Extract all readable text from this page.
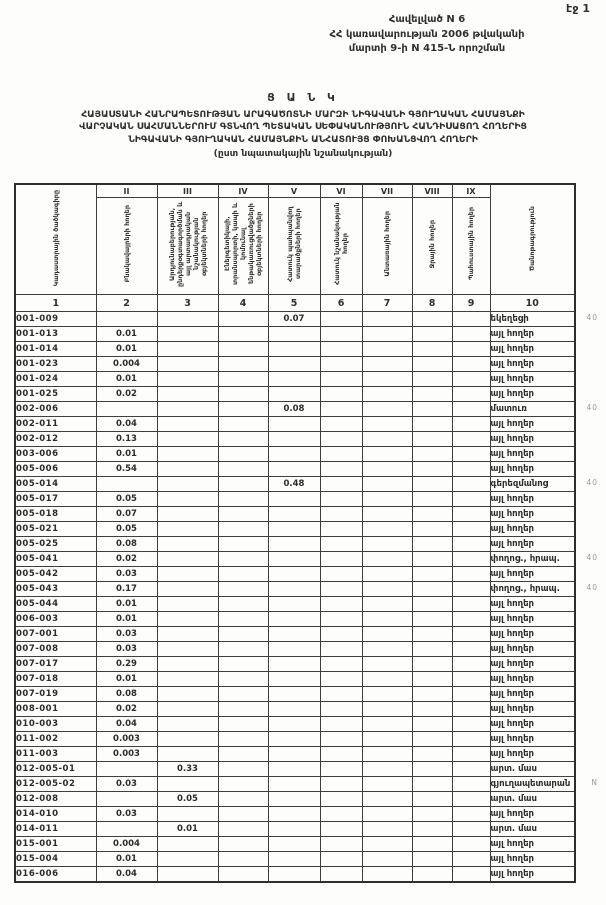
էջ 1
Հավելված N 6
ՀՀ կառավարության 2006 թվականի
մարտի 9-ի N 415-Ն որոշման
Ց Ա Ն Կ
ՀԱՅԱՍՏԱՆԻ ՀԱՆՐԱՊԵՏՈՒԹՅԱՆ ԱՐԱԳԱԾՈՏՆԻ ՄԱՐԶԻ ՆԻԳԱՎԱՆԻ ԳՅՈՒՂԱԿԱՆ ՀԱՄԱՅՆՔԻ
ՎԱՐՉԱԿԱՆ ՍԱՀՄԱՆՆԵՐՈՒՄ ԳՏՆՎՈՂ ՊԵՏԱԿԱՆ ՍԵՓԱԿԱՆՈՒԹՅՈՒՆ ՀԱՆԴԻՍԱՑՈՂ ՀՈՂԵՐԻՑ
ՆԻԳԱՎԱՆԻ ԳՅՈՒՂԱԿԱՆ ՀԱՄԱՅՆՔԻՆ ԱՆՀԱՏՈՒՅՑ ՓՈԽԱՆՑՎՈՂ ՀՈՂԵՐԻ
(ըստ նպատակային նշանակության)
Կադաստրային ծածկագիրը	II	III	IV	V	VI	VII	VIII	IX	Ծանոթագրություն
	Բնակավայրերի հողեր	Արդյունաբերության, ընդերքօգտագործման և այլ արտադրական նշանակության օբյեկտների հողեր	Էներգետիկայի, տրանսպորտի, կապի և կոմունալ ենթակառուցվածքների օբյեկտների հողեր	Հատուկ պահպանվող տարածքների հողեր	Հատուկ նշանակության հողեր	Անտառային հողեր	Ջրային հողեր	Պահուստային հողեր	
1	2	3	4	5	6	7	8	9	10
001-009				0.07					եկեղեցի 40

001-013	0.01								այլ հողեր
001-014	0.01								այլ հողեր
001-023	0.004								այլ հողեր
001-024	0.01								այլ հողեր
001-025	0.02								այլ հողեր
002-006				0.08					մատուռ 40

002-011	0.04								այլ հողեր
002-012	0.13								այլ հողեր
003-006	0.01								այլ հողեր
005-006	0.54								այլ հողեր
005-014				0.48					գերեզմանոց 40

005-017	0.05								այլ հողեր
005-018	0.07								այլ հողեր
005-021	0.05								այլ հողեր
005-025	0.08								այլ հողեր
005-041	0.02								փողոց., հրապ. 40

005-042	0.03								այլ հողեր
005-043	0.17								փողոց., հրապ. 40

005-044	0.01								այլ հողեր
006-003	0.01								այլ հողեր
007-001	0.03								այլ հողեր
007-008	0.03								այլ հողեր
007-017	0.29								այլ հողեր
007-018	0.01								այլ հողեր
007-019	0.08								այլ հողեր
008-001	0.02								այլ հողեր
010-003	0.04								այլ հողեր
011-002	0.003								այլ հողեր
011-003	0.003								այլ հողեր
012-005-01		0.33							արտ. մաս
012-005-02	0.03								գյուղապետարան N

012-008		0.05							արտ. մաս
014-010	0.03								այլ հողեր
014-011		0.01							արտ. մաս
015-001	0.004								այլ հողեր
015-004	0.01								այլ հողեր
016-006	0.04								այլ հողեր
